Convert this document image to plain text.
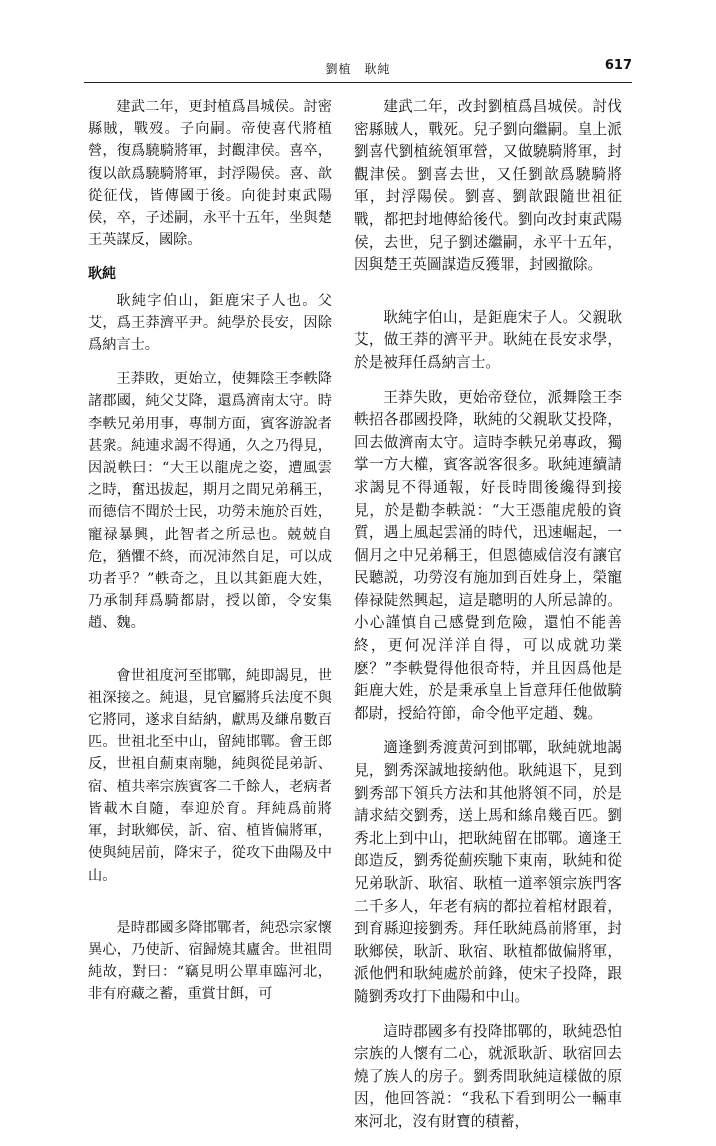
劉植　耿純	617

建武二年，更封植爲昌城侯。討密縣賊，戰歿。子向嗣。帝使喜代將植營，復爲驍騎將軍，封觀津侯。喜卒，復以歆爲驍騎將軍，封浮陽侯。喜、歆從征伐，皆傳國于後。向徙封東武陽侯，卒，子述嗣，永平十五年，坐與楚王英謀反，國除。

耿純

耿純字伯山，鉅鹿宋子人也。父艾，爲王莽濟平尹。純學於長安，因除爲納言士。

王莽敗，更始立，使舞陰王李軼降諸郡國，純父艾降，還爲濟南太守。時李軼兄弟用事，專制方面，賓客游說者甚衆。純連求謁不得通，久之乃得見，因説軼曰：“大王以龍虎之姿，遭風雲之時，奮迅拔起，期月之間兄弟稱王，而德信不聞於士民，功勞未施於百姓，寵禄暴興，此智者之所忌也。兢兢自危，猶懼不終，而况沛然自足，可以成功者乎？”軼奇之，且以其鉅鹿大姓，乃承制拜爲騎都尉，授以節，令安集趙、魏。

會世祖度河至邯鄲，純即謁見，世祖深接之。純退，見官屬將兵法度不與它將同，遂求自結納，獻馬及縑帛數百匹。世祖北至中山，留純邯鄲。會王郎反，世祖自薊東南馳，純與從昆弟訢、宿、植共率宗族賓客二千餘人，老病者皆載木自隨，奉迎於育。拜純爲前將軍，封耿鄉侯，訢、宿、植皆偏將軍，使與純居前，降宋子，從攻下曲陽及中山。

是時郡國多降邯鄲者，純恐宗家懷異心，乃使訢、宿歸燒其廬舍。世祖問純故，對曰：“竊見明公單車臨河北，非有府藏之蓄，重賞甘餌，可

建武二年，改封劉植爲昌城侯。討伐密縣賊人，戰死。兒子劉向繼嗣。皇上派劉喜代劉植統領軍營，又做驍騎將軍，封觀津侯。劉喜去世，又任劉歆爲驍騎將軍，封浮陽侯。劉喜、劉歆跟隨世祖征戰，都把封地傳給後代。劉向改封東武陽侯，去世，兒子劉述繼嗣，永平十五年，因與楚王英圖謀造反獲罪，封國撤除。

耿純字伯山，是鉅鹿宋子人。父親耿艾，做王莽的濟平尹。耿純在長安求學，於是被拜任爲納言士。

王莽失敗，更始帝登位，派舞陰王李軼招各郡國投降，耿純的父親耿艾投降，回去做濟南太守。這時李軼兄弟專政，獨掌一方大權，賓客説客很多。耿純連續請求謁見不得通報，好長時間後纔得到接見，於是勸李軼説：“大王憑龍虎般的資質，遇上風起雲涌的時代，迅速崛起，一個月之中兄弟稱王，但恩德威信沒有讓官民聽説，功勞沒有施加到百姓身上，榮寵俸禄陡然興起，這是聰明的人所忌諱的。小心謹慎自己感覺到危險，還怕不能善終，更何况洋洋自得，可以成就功業麽？”李軼覺得他很奇特，并且因爲他是鉅鹿大姓，於是秉承皇上旨意拜任他做騎都尉，授給符節，命令他平定趙、魏。

適逢劉秀渡黄河到邯鄲，耿純就地謁見，劉秀深誠地接納他。耿純退下，見到劉秀部下領兵方法和其他將領不同，於是請求結交劉秀，送上馬和絲帛幾百匹。劉秀北上到中山，把耿純留在邯鄲。適逢王郎造反，劉秀從薊疾馳下東南，耿純和從兄弟耿訢、耿宿、耿植一道率領宗族門客二千多人，年老有病的都拉着棺材跟着，到育縣迎接劉秀。拜任耿純爲前將軍，封耿鄉侯，耿訢、耿宿、耿植都做偏將軍，派他們和耿純處於前鋒，使宋子投降，跟隨劉秀攻打下曲陽和中山。

這時郡國多有投降邯鄲的，耿純恐怕宗族的人懷有二心，就派耿訢、耿宿回去燒了族人的房子。劉秀問耿純這樣做的原因，他回答説：“我私下看到明公一輛車來河北，沒有財寶的積蓄，
